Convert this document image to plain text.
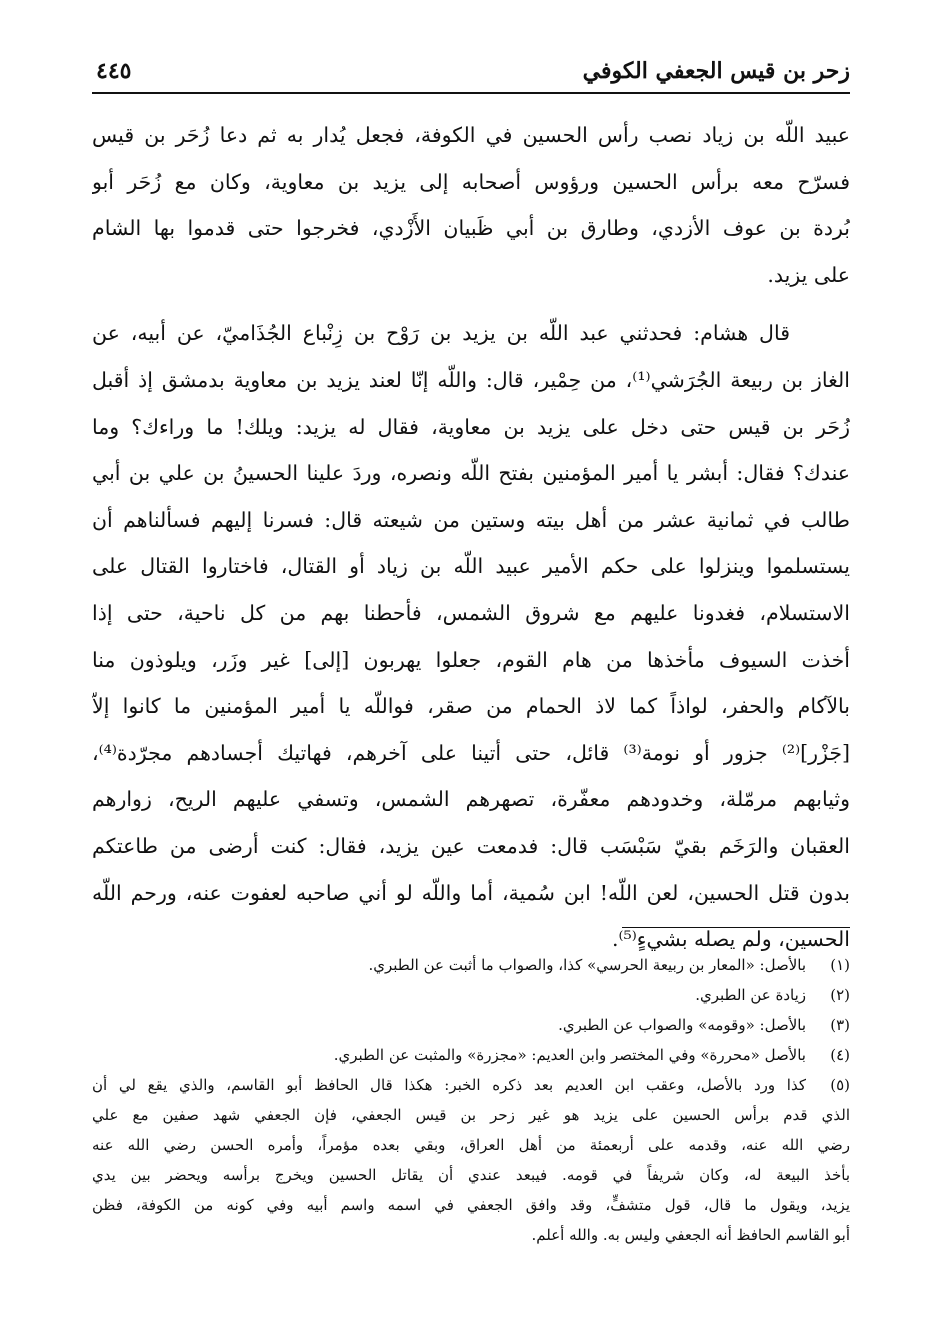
زحر بن قيس الجعفي الكوفي
٤٤٥
عبيد اللّه بن زياد نصب رأس الحسين في الكوفة، فجعل يُدار به ثم دعا زُحَر بن قيس
فسرّح معه برأس الحسين ورؤوس أصحابه إلى يزيد بن معاوية، وكان مع زُحَر أبو
بُردة بن عوف الأزدي، وطارق بن أبي ظَبيان الأَزْدي، فخرجوا حتى قدموا بها الشام
على يزيد.
قال هشام: فحدثني عبد اللّه بن يزيد بن رَوْح بن زِنْباع الجُذَاميّ، عن أبيه، عن
الغاز بن ربيعة الجُرَشي⁽¹⁾، من حِمْير، قال: واللّه إنّا لعند يزيد بن معاوية بدمشق إذ أقبل
زُحَر بن قيس حتى دخل على يزيد بن معاوية، فقال له يزيد: ويلك! ما وراءك؟ وما
عندك؟ فقال: أبشر يا أمير المؤمنين بفتح اللّه ونصره، وردَ علينا الحسينُ بن علي بن أبي
طالب في ثمانية عشر من أهل بيته وستين من شيعته قال: فسرنا إليهم فسألناهم أن
يستسلموا وينزلوا على حكم الأمير عبيد اللّه بن زياد أو القتال، فاختاروا القتال على
الاستسلام، فغدونا عليهم مع شروق الشمس، فأحطنا بهم من كل ناحية، حتى إذا
أخذت السيوف مأخذها من هام القوم، جعلوا يهربون [إلى] غير وزَر، ويلوذون منا
بالآكام والحفر، لواذاً كما لاذ الحمام من صقر، فواللّه يا أمير المؤمنين ما كانوا إلاّ
[جَزْر]⁽²⁾ جزور أو نومة⁽³⁾ قائل، حتى أتينا على آخرهم، فهاتيك أجسادهم مجرّدة⁽⁴⁾،
وثيابهم مرمّلة، وخدودهم معفّرة، تصهرهم الشمس، وتسفي عليهم الريح، زوارهم
العقبان والرَخَم بقيّ سَبْسَب قال: فدمعت عين يزيد، فقال: كنت أرضى من طاعتكم
بدون قتل الحسين، لعن اللّه! ابن سُمية، أما واللّه لو أني صاحبه لعفوت عنه، ورحم اللّه
الحسين، ولم يصله بشيءٍ⁽⁵⁾.
(١)
بالأصل: «المعار بن ربيعة الحرسي» كذا، والصواب ما أثبت عن الطبري.
(٢)
زيادة عن الطبري.
(٣)
بالأصل: «وقومه» والصواب عن الطبري.
(٤)
بالأصل «محررة» وفي المختصر وابن العديم: «مجزرة» والمثبت عن الطبري.
(٥)
كذا ورد بالأصل، وعقب ابن العديم بعد ذكره الخبر: هكذا قال الحافظ أبو القاسم، والذي يقع لي أن
الذي قدم برأس الحسين على يزيد هو غير زحر بن قيس الجعفي، فإن الجعفي شهد صفين مع علي
رضي الله عنه، وقدمه على أربعمئة من أهل العراق، وبقي بعده مؤمراً، وأمره الحسن رضي الله عنه
بأخذ البيعة له، وكان شريفاً في قومه. فيبعد عندي أن يقاتل الحسين ويخرج برأسه ويحضر بين يدي
يزيد، ويقول ما قال، قول متشفٍّ، وقد وافق الجعفي في اسمه واسم أبيه وفي كونه من الكوفة، فظن
أبو القاسم الحافظ أنه الجعفي وليس به. والله أعلم.
